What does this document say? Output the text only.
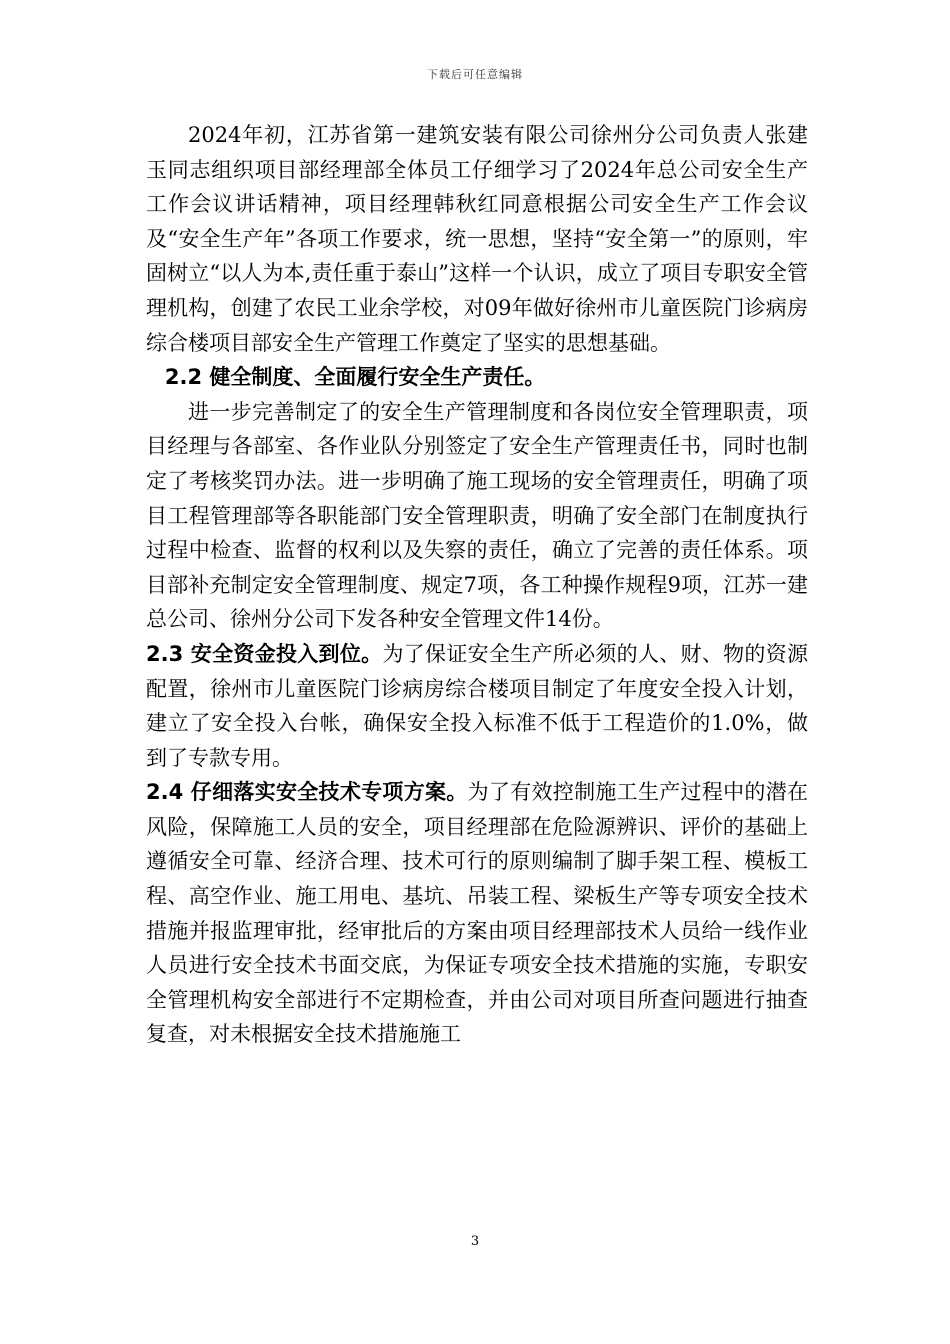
下载后可任意编辑

2024年初，江苏省第一建筑安装有限公司徐州分公司负责人张建玉同志组织项目部经理部全体员工仔细学习了2024年总公司安全生产工作会议讲话精神，项目经理韩秋红同意根据公司安全生产工作会议及“安全生产年”各项工作要求，统一思想，坚持“安全第一”的原则，牢固树立“以人为本,责任重于泰山”这样一个认识，成立了项目专职安全管理机构，创建了农民工业余学校，对09年做好徐州市儿童医院门诊病房综合楼项目部安全生产管理工作奠定了坚实的思想基础。

2.2 健全制度、全面履行安全生产责任。

进一步完善制定了的安全生产管理制度和各岗位安全管理职责，项目经理与各部室、各作业队分别签定了安全生产管理责任书，同时也制定了考核奖罚办法。进一步明确了施工现场的安全管理责任，明确了项目工程管理部等各职能部门安全管理职责，明确了安全部门在制度执行过程中检查、监督的权利以及失察的责任，确立了完善的责任体系。项目部补充制定安全管理制度、规定7项，各工种操作规程9项，江苏一建总公司、徐州分公司下发各种安全管理文件14份。

2.3 安全资金投入到位。为了保证安全生产所必须的人、财、物的资源配置，徐州市儿童医院门诊病房综合楼项目制定了年度安全投入计划，建立了安全投入台帐，确保安全投入标准不低于工程造价的1.0%，做到了专款专用。

2.4 仔细落实安全技术专项方案。为了有效控制施工生产过程中的潜在风险，保障施工人员的安全，项目经理部在危险源辨识、评价的基础上遵循安全可靠、经济合理、技术可行的原则编制了脚手架工程、模板工程、高空作业、施工用电、基坑、吊装工程、梁板生产等专项安全技术措施并报监理审批，经审批后的方案由项目经理部技术人员给一线作业人员进行安全技术书面交底，为保证专项安全技术措施的实施，专职安全管理机构安全部进行不定期检查，并由公司对项目所查问题进行抽查复查，对未根据安全技术措施施工

3
